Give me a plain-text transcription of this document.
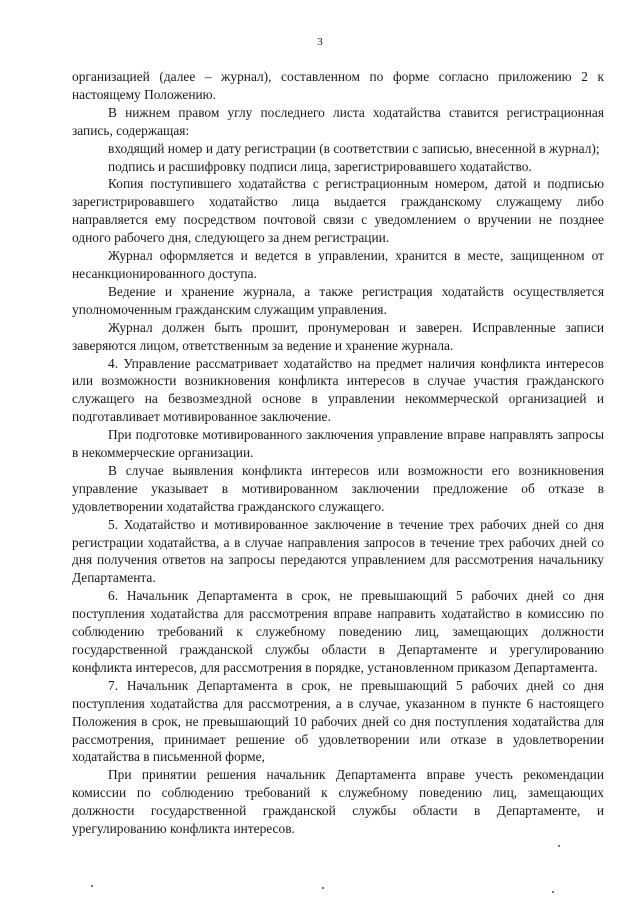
3

организацией (далее – журнал), составленном по форме согласно приложению 2 к настоящему Положению.

В нижнем правом углу последнего листа ходатайства ставится регистрационная запись, содержащая:

входящий номер и дату регистрации (в соответствии с записью, внесенной в журнал);

подпись и расшифровку подписи лица, зарегистрировавшего ходатайство.

Копия поступившего ходатайства с регистрационным номером, датой и подписью зарегистрировавшего ходатайство лица выдается гражданскому служащему либо направляется ему посредством почтовой связи с уведомлением о вручении не позднее одного рабочего дня, следующего за днем регистрации.

Журнал оформляется и ведется в управлении, хранится в месте, защищенном от несанкционированного доступа.

Ведение и хранение журнала, а также регистрация ходатайств осуществляется уполномоченным гражданским служащим управления.

Журнал должен быть прошит, пронумерован и заверен. Исправленные записи заверяются лицом, ответственным за ведение и хранение журнала.

4. Управление рассматривает ходатайство на предмет наличия конфликта интересов или возможности возникновения конфликта интересов в случае участия гражданского служащего на безвозмездной основе в управлении некоммерческой организацией и подготавливает мотивированное заключение.

При подготовке мотивированного заключения управление вправе направлять запросы в некоммерческие организации.

В случае выявления конфликта интересов или возможности его возникновения управление указывает в мотивированном заключении предложение об отказе в удовлетворении ходатайства гражданского служащего.

5. Ходатайство и мотивированное заключение в течение трех рабочих дней со дня регистрации ходатайства, а в случае направления запросов в течение трех рабочих дней со дня получения ответов на запросы передаются управлением для рассмотрения начальнику Департамента.

6. Начальник Департамента в срок, не превышающий 5 рабочих дней со дня поступления ходатайства для рассмотрения вправе направить ходатайство в комиссию по соблюдению требований к служебному поведению лиц, замещающих должности государственной гражданской службы области в Департаменте и урегулированию конфликта интересов, для рассмотрения в порядке, установленном приказом Департамента.

7. Начальник Департамента в срок, не превышающий 5 рабочих дней со дня поступления ходатайства для рассмотрения, а в случае, указанном в пункте 6 настоящего Положения в срок, не превышающий 10 рабочих дней со дня поступления ходатайства для рассмотрения, принимает решение об удовлетворении или отказе в удовлетворении ходатайства в письменной форме,

При принятии решения начальник Департамента вправе учесть рекомендации комиссии по соблюдению требований к служебному поведению лиц, замещающих должности государственной гражданской службы области в Департаменте, и урегулированию конфликта интересов.
